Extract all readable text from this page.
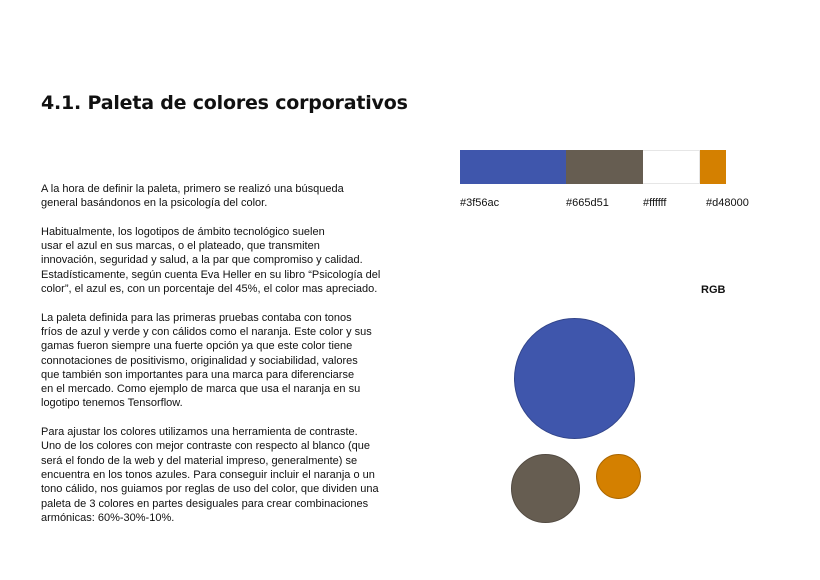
4.1. Paleta de colores corporativos

A la hora de definir la paleta, primero se realizó una búsqueda
general basándonos en la psicología del color.

Habitualmente, los logotipos de ámbito tecnológico suelen
usar el azul en sus marcas, o el plateado, que transmiten
innovación, seguridad y salud, a la par que compromiso y calidad.
Estadísticamente, según cuenta Eva Heller en su libro “Psicología del
color”, el azul es, con un porcentaje del 45%, el color mas apreciado.

La paleta definida para las primeras pruebas contaba con tonos
fríos de azul y verde y con cálidos como el naranja. Este color y sus
gamas fueron siempre una fuerte opción ya que este color tiene
connotaciones de positivismo, originalidad y sociabilidad, valores
que también son importantes para una marca para diferenciarse
en el mercado. Como ejemplo de marca que usa el naranja en su
logotipo tenemos Tensorflow.

Para ajustar los colores utilizamos una herramienta de contraste.
Uno de los colores con mejor contraste con respecto al blanco (que
será el fondo de la web y del material impreso, generalmente) se
encuentra en los tonos azules. Para conseguir incluir el naranja o un
tono cálido, nos guiamos por reglas de uso del color, que dividen una
paleta de 3 colores en partes desiguales para crear combinaciones
armónicas: 60%-30%-10%.

#3f56ac	#665d51	#ffffff	#d48000
RGB
